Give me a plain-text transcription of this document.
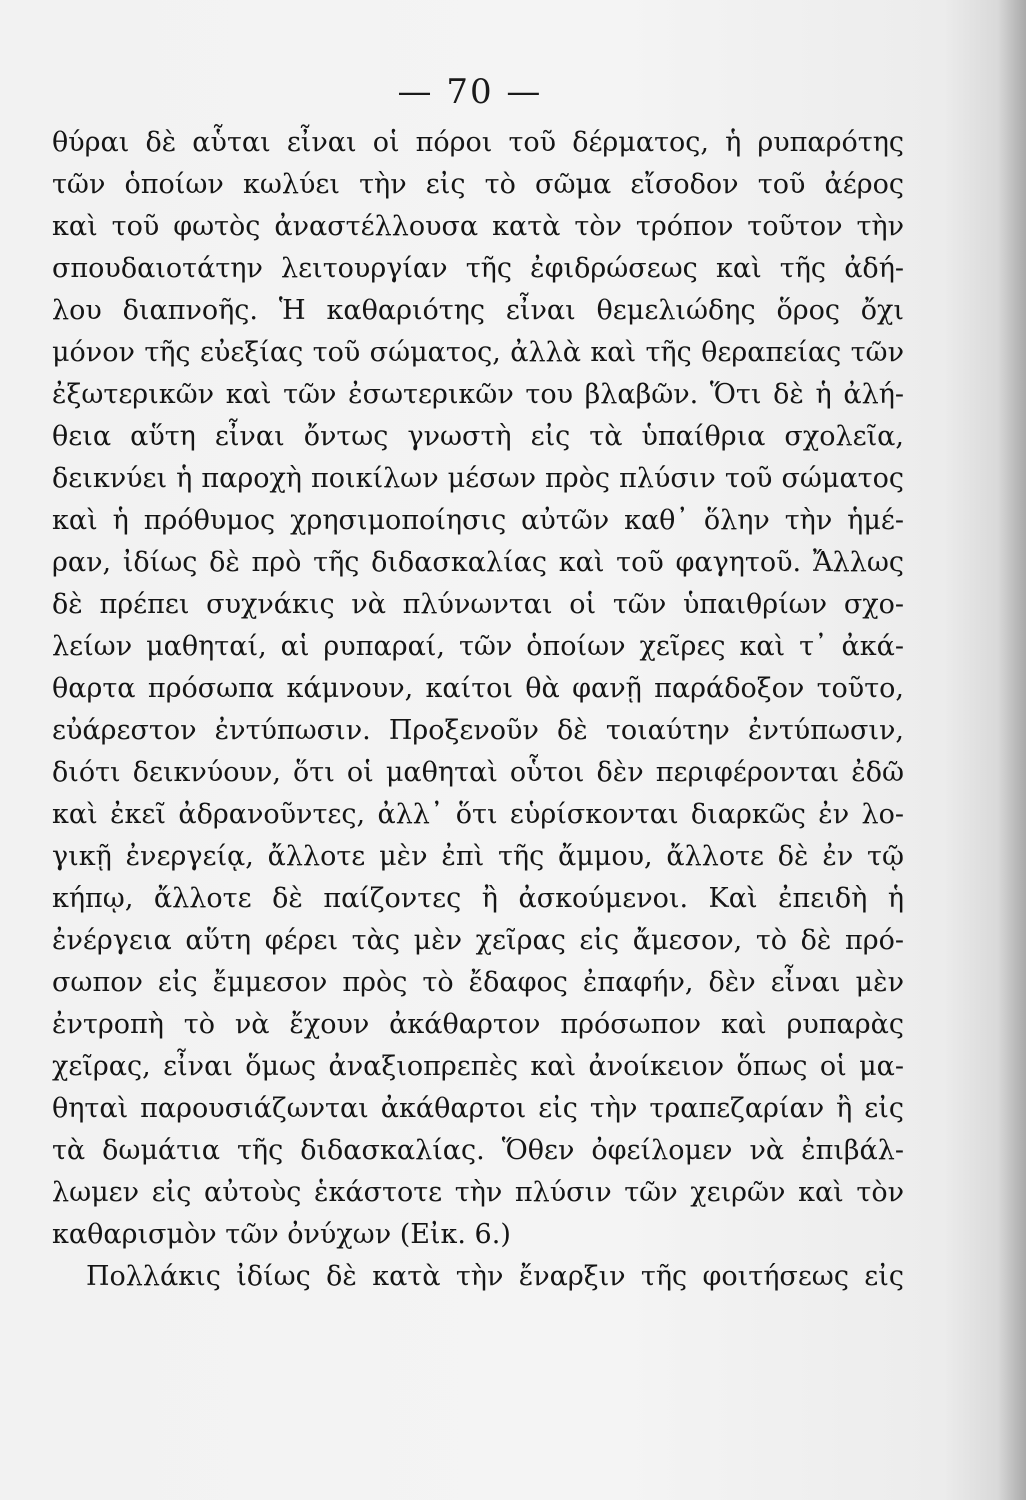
— 70 —
θύραι δὲ αὗται εἶναι οἱ πόροι τοῦ δέρματος, ἡ ρυπαρότης
τῶν ὁποίων κωλύει τὴν εἰς τὸ σῶμα εἴσοδον τοῦ ἀέρος
καὶ τοῦ φωτὸς ἀναστέλλουσα κατὰ τὸν τρόπον τοῦτον τὴν
σπουδαιοτάτην λειτουργίαν τῆς ἐφιδρώσεως καὶ τῆς ἀδή-
λου διαπνοῆς. Ἡ καθαριότης εἶναι θεμελιώδης ὅρος ὄχι
μόνον τῆς εὐεξίας τοῦ σώματος, ἀλλὰ καὶ τῆς θεραπείας τῶν
ἐξωτερικῶν καὶ τῶν ἐσωτερικῶν του βλαβῶν. Ὅτι δὲ ἡ ἀλή-
θεια αὕτη εἶναι ὄντως γνωστὴ εἰς τὰ ὑπαίθρια σχολεῖα,
δεικνύει ἡ παροχὴ ποικίλων μέσων πρὸς πλύσιν τοῦ σώματος
καὶ ἡ πρόθυμος χρησιμοποίησις αὐτῶν καθ᾽ ὅλην τὴν ἡμέ-
ραν, ἰδίως δὲ πρὸ τῆς διδασκαλίας καὶ τοῦ φαγητοῦ. Ἄλλως
δὲ πρέπει συχνάκις νὰ πλύνωνται οἱ τῶν ὑπαιθρίων σχο-
λείων μαθηταί, αἱ ρυπαραί, τῶν ὁποίων χεῖρες καὶ τ᾽ ἀκά-
θαρτα πρόσωπα κάμνουν, καίτοι θὰ φανῇ παράδοξον τοῦτο,
εὐάρεστον ἐντύπωσιν. Προξενοῦν δὲ τοιαύτην ἐντύπωσιν,
διότι δεικνύουν, ὅτι οἱ μαθηταὶ οὗτοι δὲν περιφέρονται ἐδῶ
καὶ ἐκεῖ ἀδρανοῦντες, ἀλλ᾽ ὅτι εὑρίσκονται διαρκῶς ἐν λο-
γικῇ ἐνεργείᾳ, ἄλλοτε μὲν ἐπὶ τῆς ἄμμου, ἄλλοτε δὲ ἐν τῷ
κήπῳ, ἄλλοτε δὲ παίζοντες ἢ ἀσκούμενοι. Καὶ ἐπειδὴ ἡ
ἐνέργεια αὕτη φέρει τὰς μὲν χεῖρας εἰς ἄμεσον, τὸ δὲ πρό-
σωπον εἰς ἔμμεσον πρὸς τὸ ἔδαφος ἐπαφήν, δὲν εἶναι μὲν
ἐντροπὴ τὸ νὰ ἔχουν ἀκάθαρτον πρόσωπον καὶ ρυπαρὰς
χεῖρας, εἶναι ὅμως ἀναξιοπρεπὲς καὶ ἀνοίκειον ὅπως οἱ μα-
θηταὶ παρουσιάζωνται ἀκάθαρτοι εἰς τὴν τραπεζαρίαν ἢ εἰς
τὰ δωμάτια τῆς διδασκαλίας. Ὅθεν ὀφείλομεν νὰ ἐπιβάλ-
λωμεν εἰς αὐτοὺς ἑκάστοτε τὴν πλύσιν τῶν χειρῶν καὶ τὸν
καθαρισμὸν τῶν ὀνύχων (Εἰκ. 6.)
Πολλάκις ἰδίως δὲ κατὰ τὴν ἔναρξιν τῆς φοιτήσεως εἰς
